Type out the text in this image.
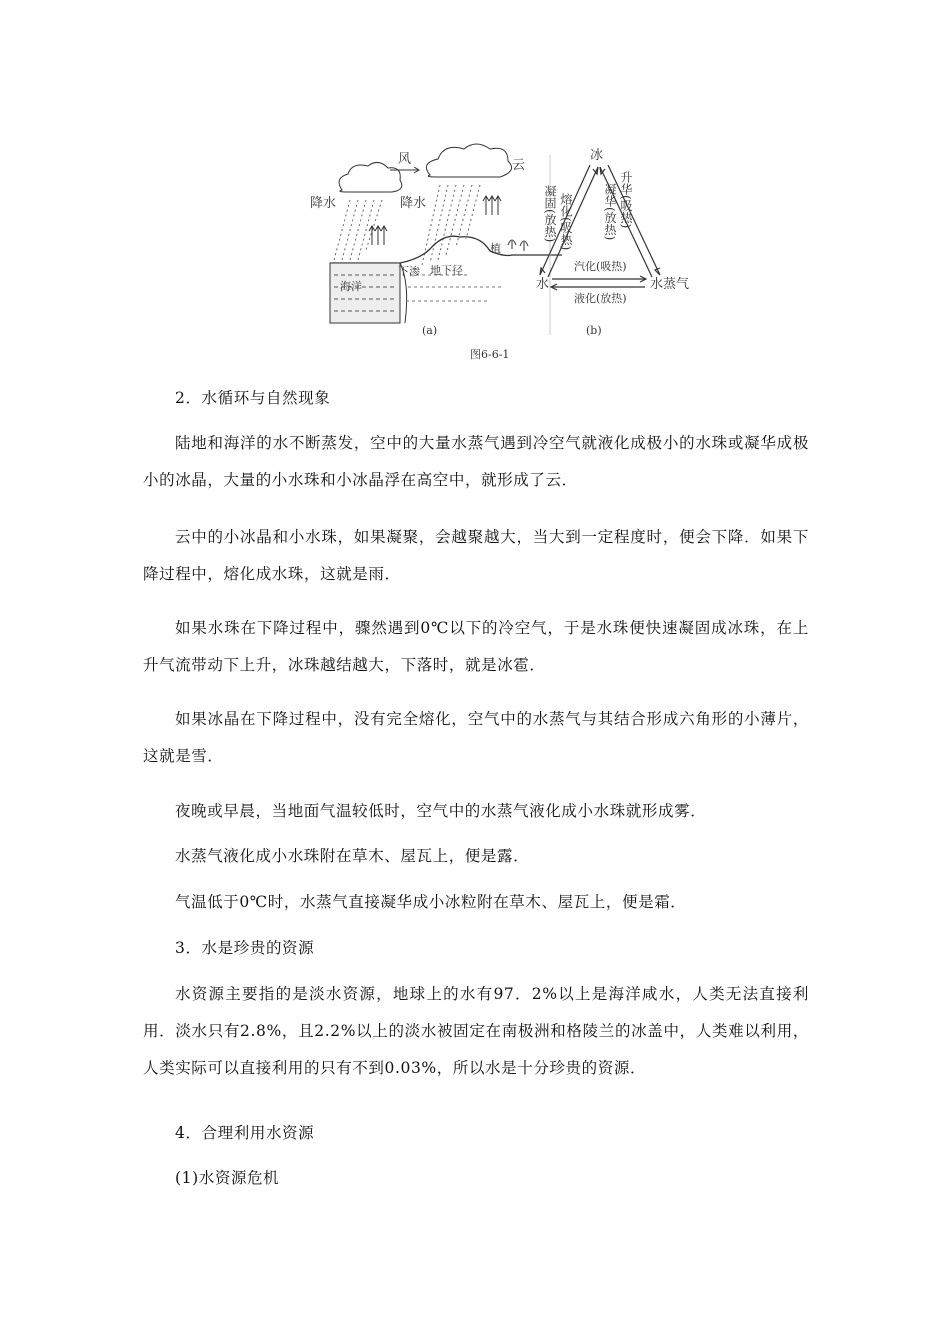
降水
风
降水
云
植
下渗 地下径
海洋
(a)
冰
水	水蒸气
凝固(放热) 熔化(吸热)	升华(吸热)
凝华(放热)
汽化(吸热)
液化(放热)
(b)
图6-6-1
2．水循环与自然现象
陆地和海洋的水不断蒸发，空中的大量水蒸气遇到冷空气就液化成极小的水珠或凝华成极小的冰晶，大量的小水珠和小冰晶浮在高空中，就形成了云．
云中的小冰晶和小水珠，如果凝聚，会越聚越大，当大到一定程度时，便会下降．如果下降过程中，熔化成水珠，这就是雨．
如果水珠在下降过程中，骤然遇到0℃以下的冷空气，于是水珠便快速凝固成冰珠，在上升气流带动下上升，冰珠越结越大，下落时，就是冰雹．
如果冰晶在下降过程中，没有完全熔化，空气中的水蒸气与其结合形成六角形的小薄片，这就是雪．
夜晚或早晨，当地面气温较低时，空气中的水蒸气液化成小水珠就形成雾．
水蒸气液化成小水珠附在草木、屋瓦上，便是露．
气温低于0℃时，水蒸气直接凝华成小冰粒附在草木、屋瓦上，便是霜．
3．水是珍贵的资源
水资源主要指的是淡水资源，地球上的水有97．2%以上是海洋咸水，人类无法直接利用．淡水只有2.8%，且2.2%以上的淡水被固定在南极洲和格陵兰的冰盖中，人类难以利用，人类实际可以直接利用的只有不到0.03%，所以水是十分珍贵的资源．
4．合理利用水资源
(1)水资源危机
